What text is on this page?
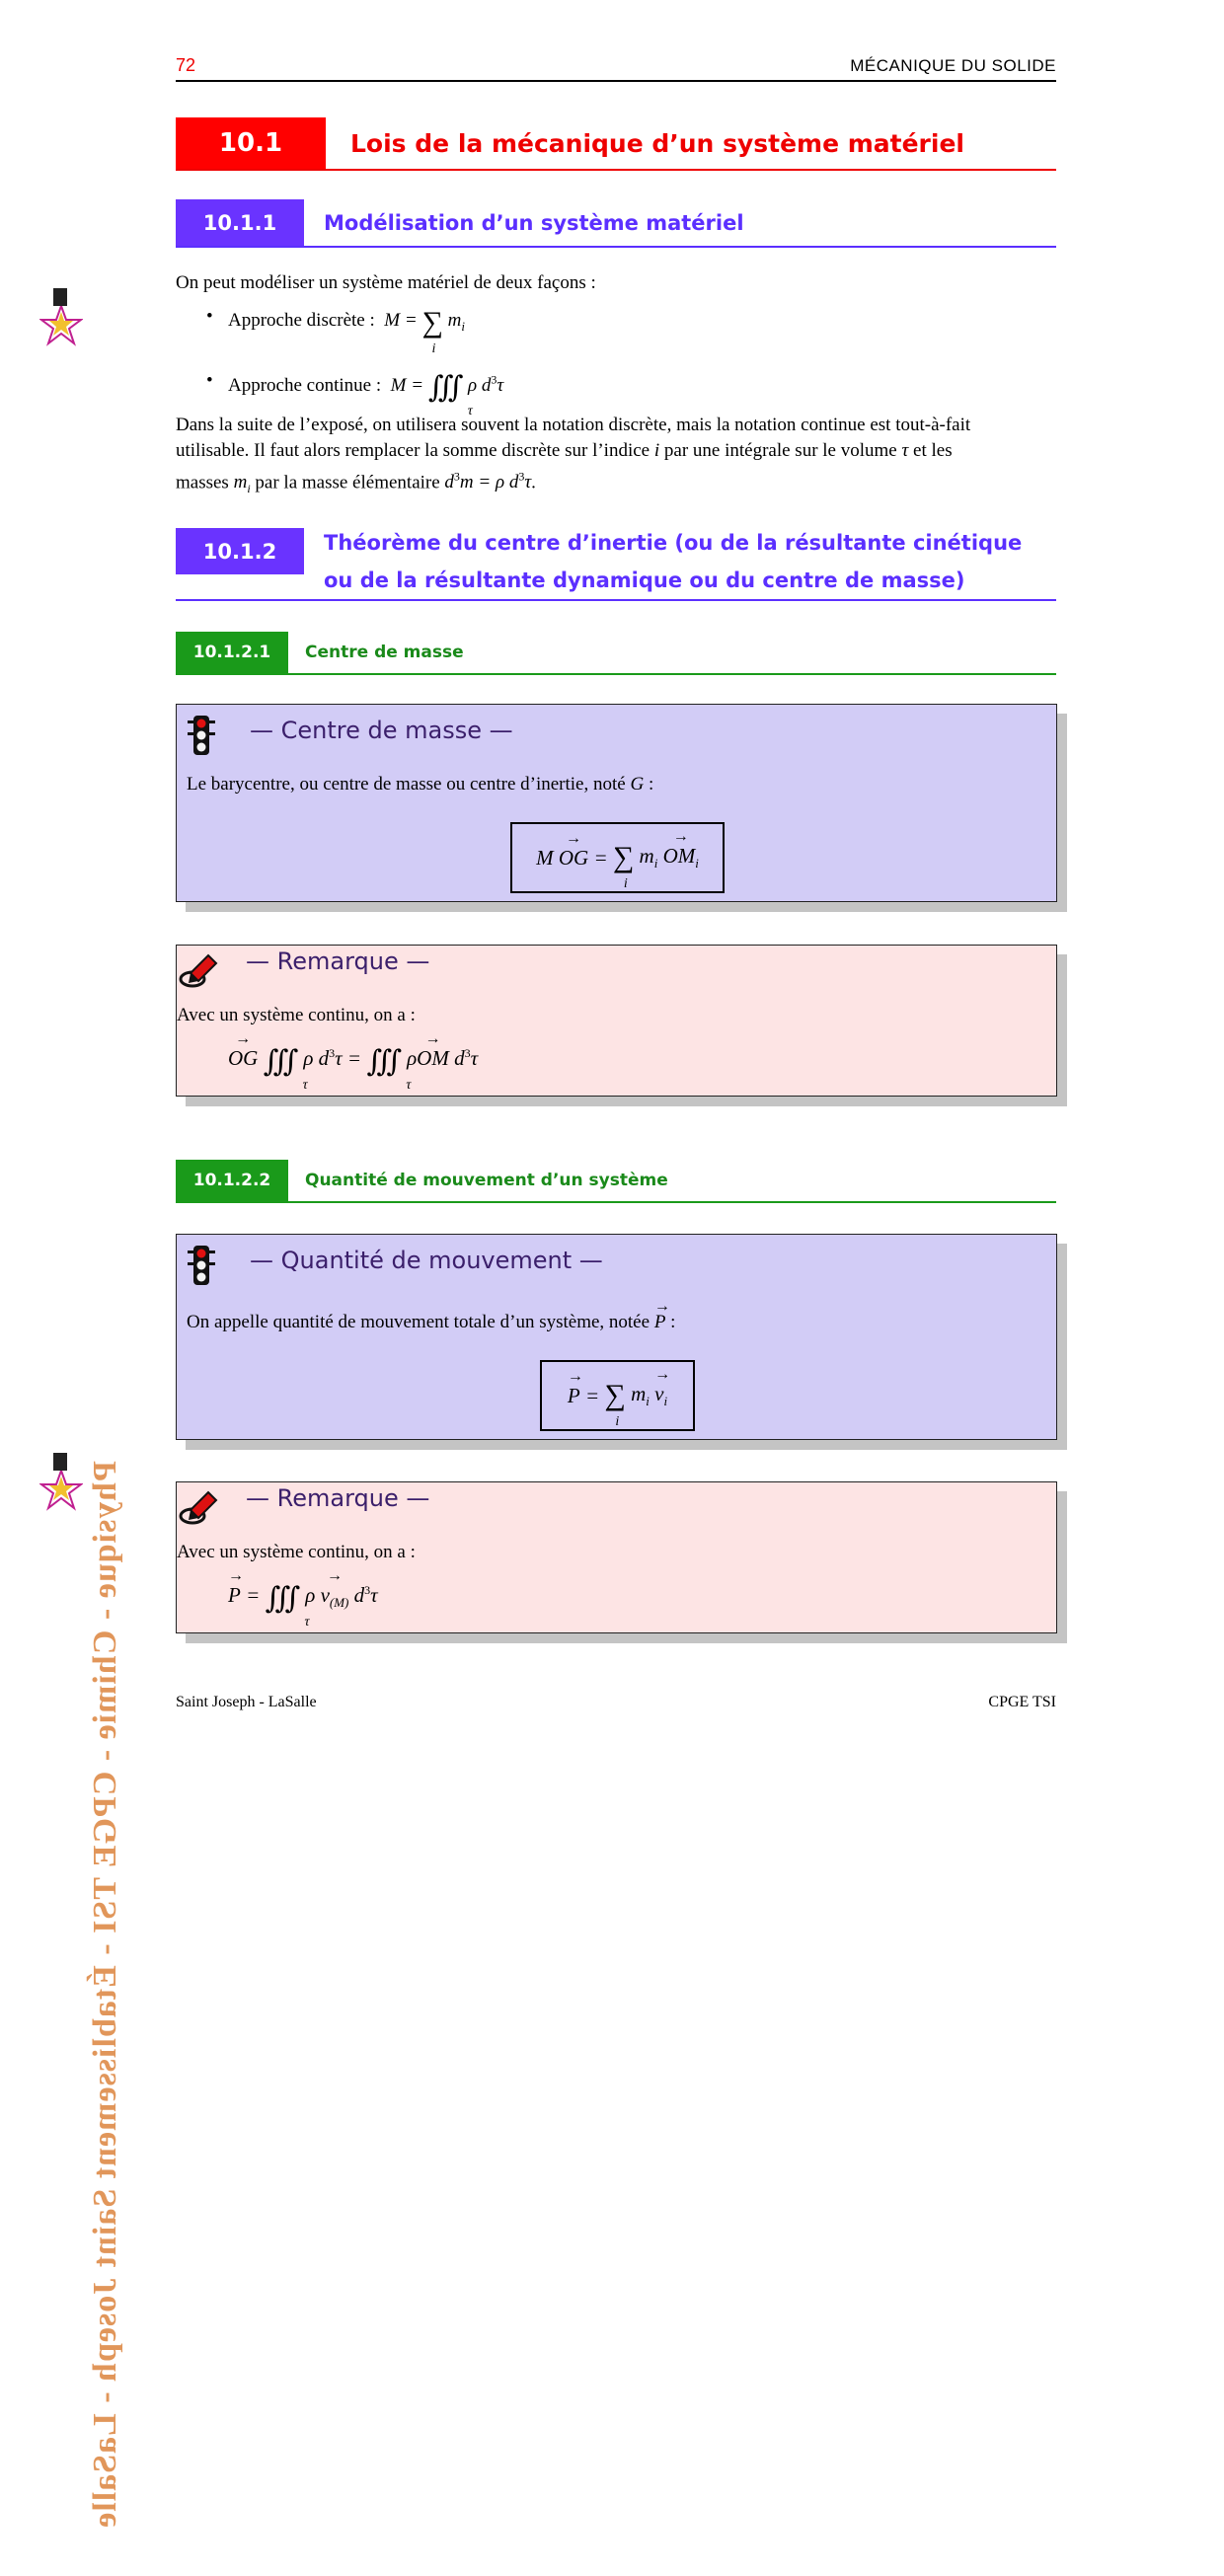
Physique - Chimie - CPGE TSI - Établissement Saint Joseph - LaSalle
72	MÉCANIQUE DU SOLIDE
10.1	Lois de la mécanique d’un système matériel
10.1.1	Modélisation d’un système matériel
On peut modéliser un système matériel de deux façons :
• Approche discrète :  M = ∑
i
$m_i$
• Approche continue :  M = ∭
τ
ρ $d^3\tau$
Dans la suite de l’exposé, on utilisera souvent la notation discrète, mais la notation continue est tout-à-fait
utilisable. Il faut alors remplacer la somme discrète sur l’indice i par une intégrale sur le volume τ et les
masses $m_i$ par la masse élémentaire $d^3m = \rho$ $d^3\tau$.
10.1.2	Théorème du centre d’inertie (ou de la résultante cinétique
ou de la résultante dynamique ou du centre de masse)
10.1.2.1	Centre de masse
— Centre de masse —
Le barycentre, ou centre de masse ou centre d’inertie, noté G :
M → OG = ∑
i
$m_i \to OM_i$
— Remarque —
Avec un système continu, on a :
→ OG ∭
τ
ρ $d^3\tau$ = ∭
τ
ρ→ OM $d^3\tau$
10.1.2.2	Quantité de mouvement d’un système
— Quantité de mouvement —
On appelle quantité de mouvement totale d’un système, notée → P :
→ P = ∑
i
$m_i \to v_i$
— Remarque —
Avec un système continu, on a :
→ P = ∭
τ
$\rho \to v_{(M)}$ $d^3\tau$
Saint Joseph - LaSalle	CPGE TSI
